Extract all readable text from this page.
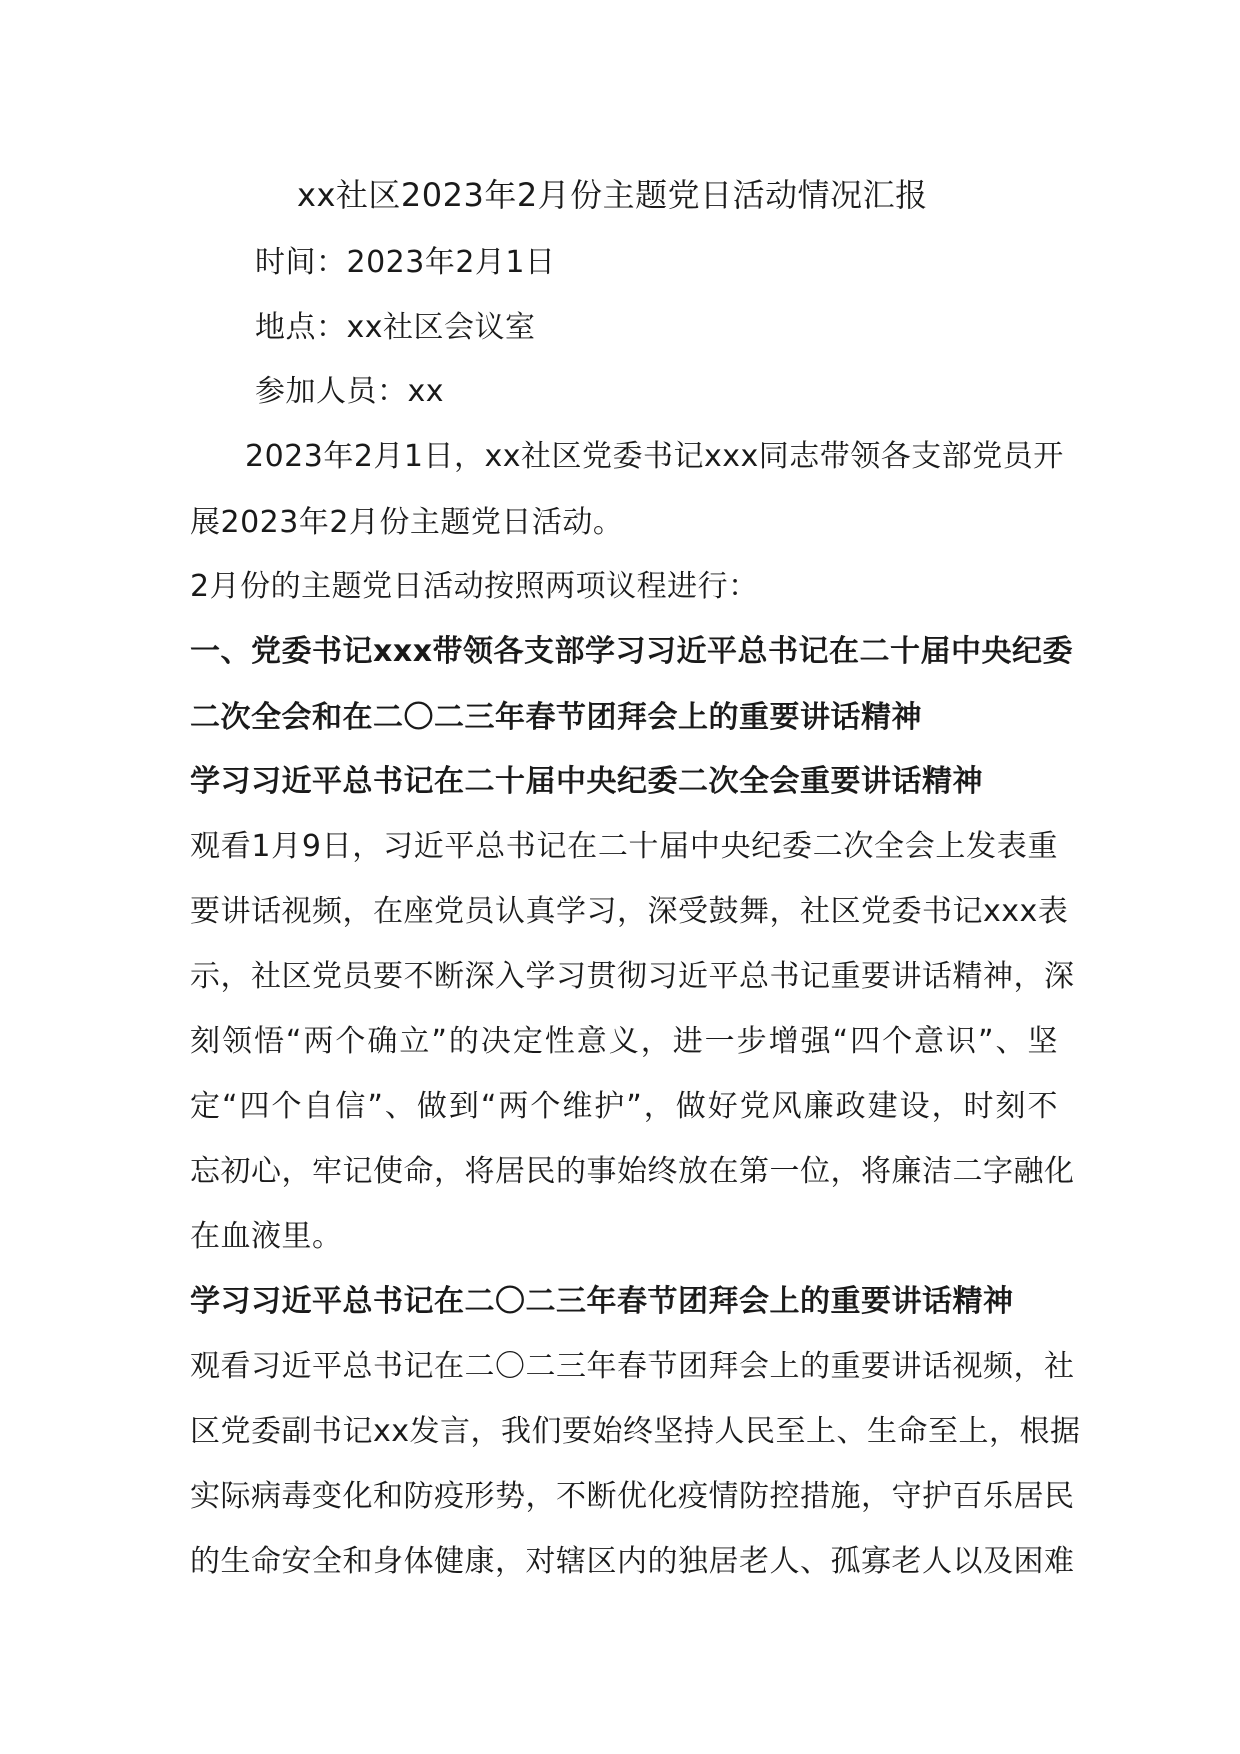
xx社区2023年2月份主题党日活动情况汇报
时间：2023年2月1日
地点：xx社区会议室
参加人员：xx
2023年2月1日，xx社区党委书记xxx同志带领各支部党员开
展2023年2月份主题党日活动。
2月份的主题党日活动按照两项议程进行：
一、党委书记xxx带领各支部学习习近平总书记在二十届中央纪委
二次全会和在二〇二三年春节团拜会上的重要讲话精神
学习习近平总书记在二十届中央纪委二次全会重要讲话精神
观看1月9日，习近平总书记在二十届中央纪委二次全会上发表重
要讲话视频，在座党员认真学习，深受鼓舞，社区党委书记xxx表
示，社区党员要不断深入学习贯彻习近平总书记重要讲话精神，深
刻领悟“两个确立”的决定性意义，进一步增强“四个意识”、坚
定“四个自信”、做到“两个维护”，做好党风廉政建设，时刻不
忘初心，牢记使命，将居民的事始终放在第一位，将廉洁二字融化
在血液里。
学习习近平总书记在二〇二三年春节团拜会上的重要讲话精神
观看习近平总书记在二〇二三年春节团拜会上的重要讲话视频，社
区党委副书记xx发言，我们要始终坚持人民至上、生命至上，根据
实际病毒变化和防疫形势，不断优化疫情防控措施，守护百乐居民
的生命安全和身体健康，对辖区内的独居老人、孤寡老人以及困难
